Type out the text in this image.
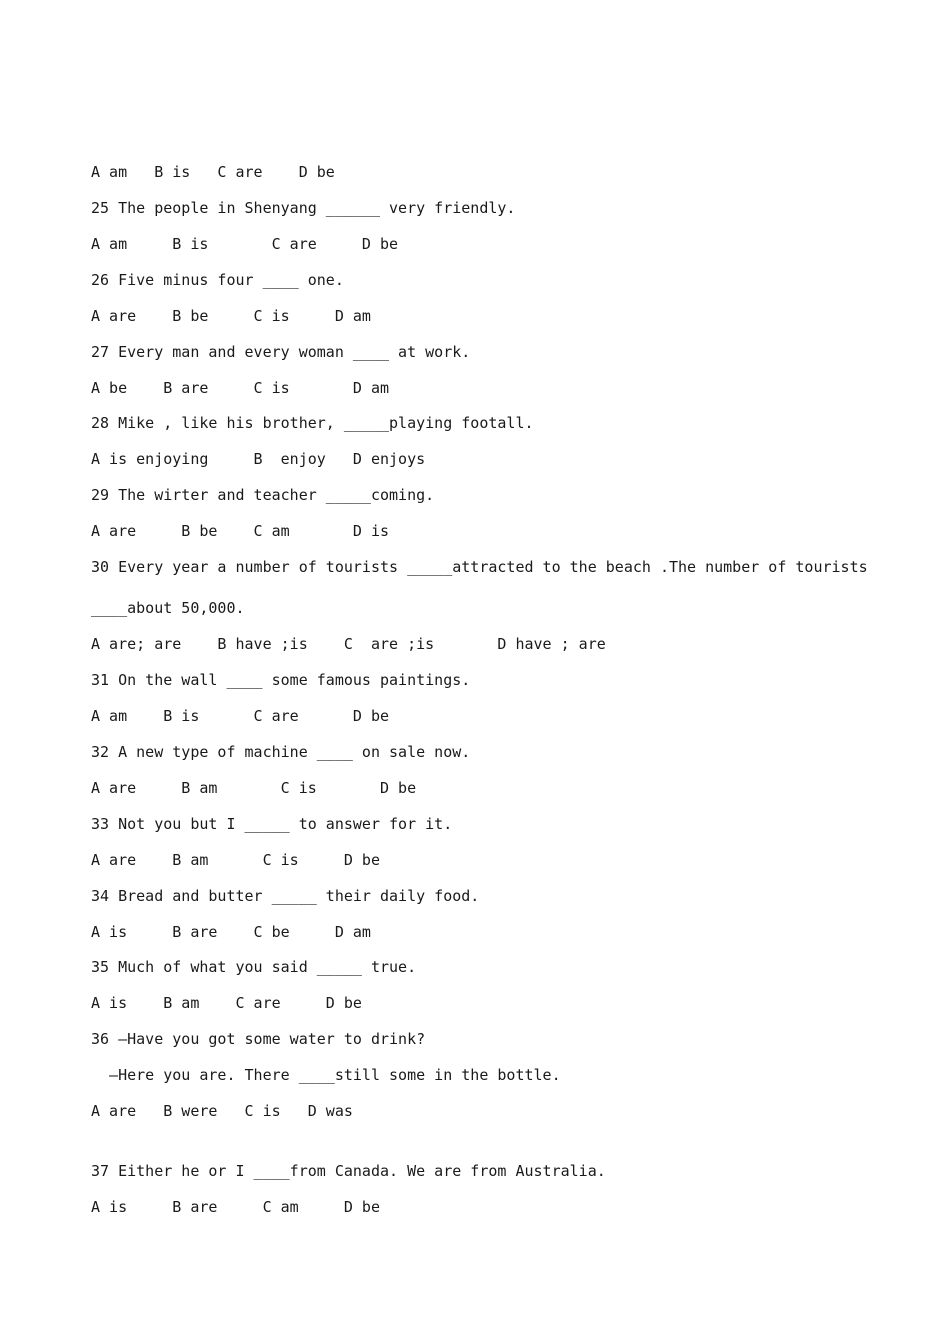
A am   B is   C are    D be
25 The people in Shenyang ______ very friendly.
A am     B is       C are     D be
26 Five minus four ____ one.
A are    B be     C is     D am
27 Every man and every woman ____ at work.
A be    B are     C is       D am
28 Mike , like his brother, _____playing footall.
A is enjoying     B  enjoy   D enjoys
29 The wirter and teacher _____coming.
A are     B be    C am       D is
30 Every year a number of tourists _____attracted to the beach .The number of tourists
____about 50,000.
A are; are    B have ;is    C  are ;is       D have ; are
31 On the wall ____ some famous paintings.
A am    B is      C are      D be
32 A new type of machine ____ on sale now.
A are     B am       C is       D be
33 Not you but I _____ to answer for it.
A are    B am      C is     D be
34 Bread and butter _____ their daily food.
A is     B are    C be     D am
35 Much of what you said _____ true.
A is    B am    C are     D be
36 —Have you got some water to drink?
—Here you are. There ____still some in the bottle.
A are   B were   C is   D was
37 Either he or I ____from Canada. We are from Australia.
A is     B are     C am     D be
